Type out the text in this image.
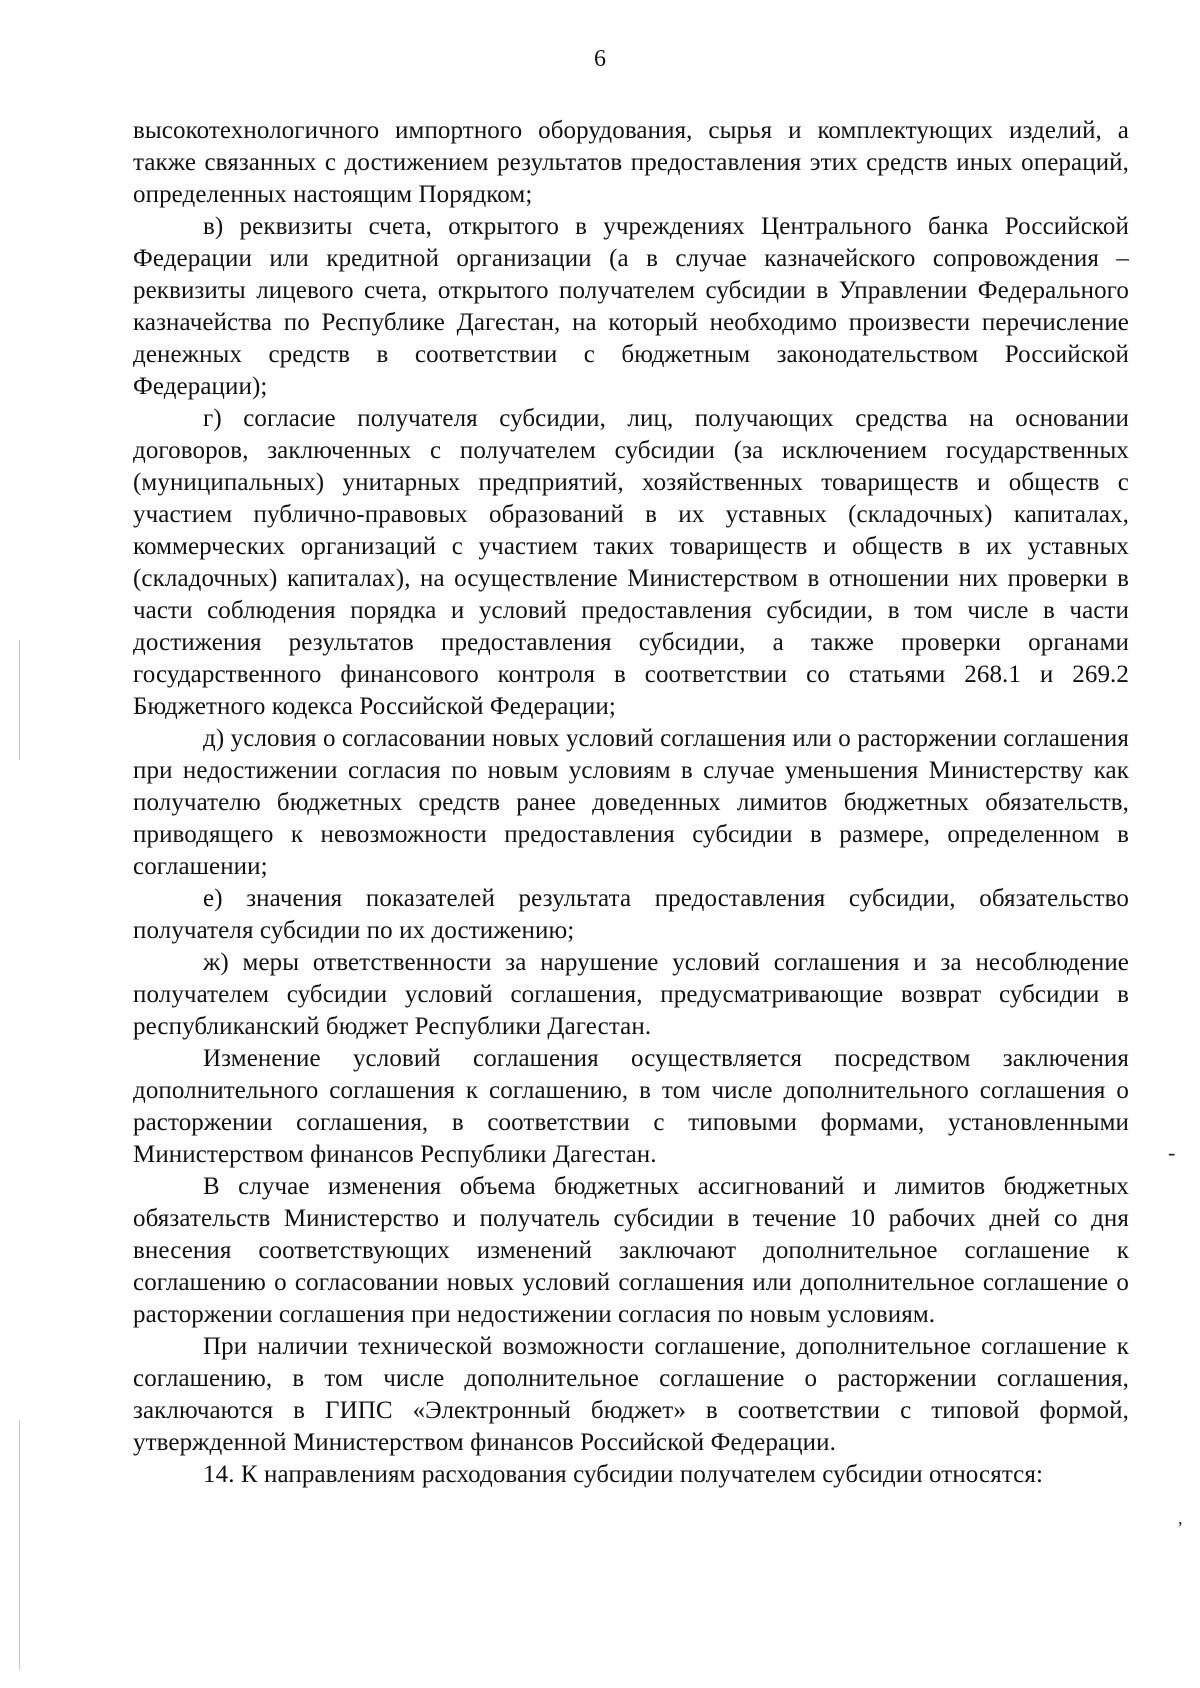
6

высокотехнологичного импортного оборудования, сырья и комплектующих изделий, а также связанных с достижением результатов предоставления этих средств иных операций, определенных настоящим Порядком;

в) реквизиты счета, открытого в учреждениях Центрального банка Российской Федерации или кредитной организации (а в случае казначейского сопровождения – реквизиты лицевого счета, открытого получателем субсидии в Управлении Федерального казначейства по Республике Дагестан, на который необходимо произвести перечисление денежных средств в соответствии с бюджетным законодательством Российской Федерации);

г) согласие получателя субсидии, лиц, получающих средства на основании договоров, заключенных с получателем субсидии (за исключением государственных (муниципальных) унитарных предприятий, хозяйственных товариществ и обществ с участием публично-правовых образований в их уставных (складочных) капиталах, коммерческих организаций с участием таких товариществ и обществ в их уставных (складочных) капиталах), на осуществление Министерством в отношении них проверки в части соблюдения порядка и условий предоставления субсидии, в том числе в части достижения результатов предоставления субсидии, а также проверки органами государственного финансового контроля в соответствии со статьями 268.1 и 269.2 Бюджетного кодекса Российской Федерации;

д) условия о согласовании новых условий соглашения или о расторжении соглашения при недостижении согласия по новым условиям в случае уменьшения Министерству как получателю бюджетных средств ранее доведенных лимитов бюджетных обязательств, приводящего к невозможности предоставления субсидии в размере, определенном в соглашении;

е) значения показателей результата предоставления субсидии, обязательство получателя субсидии по их достижению;

ж) меры ответственности за нарушение условий соглашения и за несоблюдение получателем субсидии условий соглашения, предусматривающие возврат субсидии в республиканский бюджет Республики Дагестан.

Изменение условий соглашения осуществляется посредством заключения дополнительного соглашения к соглашению, в том числе дополнительного соглашения о расторжении соглашения, в соответствии с типовыми формами, установленными Министерством финансов Республики Дагестан.

В случае изменения объема бюджетных ассигнований и лимитов бюджетных обязательств Министерство и получатель субсидии в течение 10 рабочих дней со дня внесения соответствующих изменений заключают дополнительное соглашение к соглашению о согласовании новых условий соглашения или дополнительное соглашение о расторжении соглашения при недостижении согласия по новым условиям.

При наличии технической возможности соглашение, дополнительное соглашение к соглашению, в том числе дополнительное соглашение о расторжении соглашения, заключаются в ГИПС «Электронный бюджет» в соответствии с типовой формой, утвержденной Министерством финансов Российской Федерации.

14. К направлениям расходования субсидии получателем субсидии относятся:

-
,
